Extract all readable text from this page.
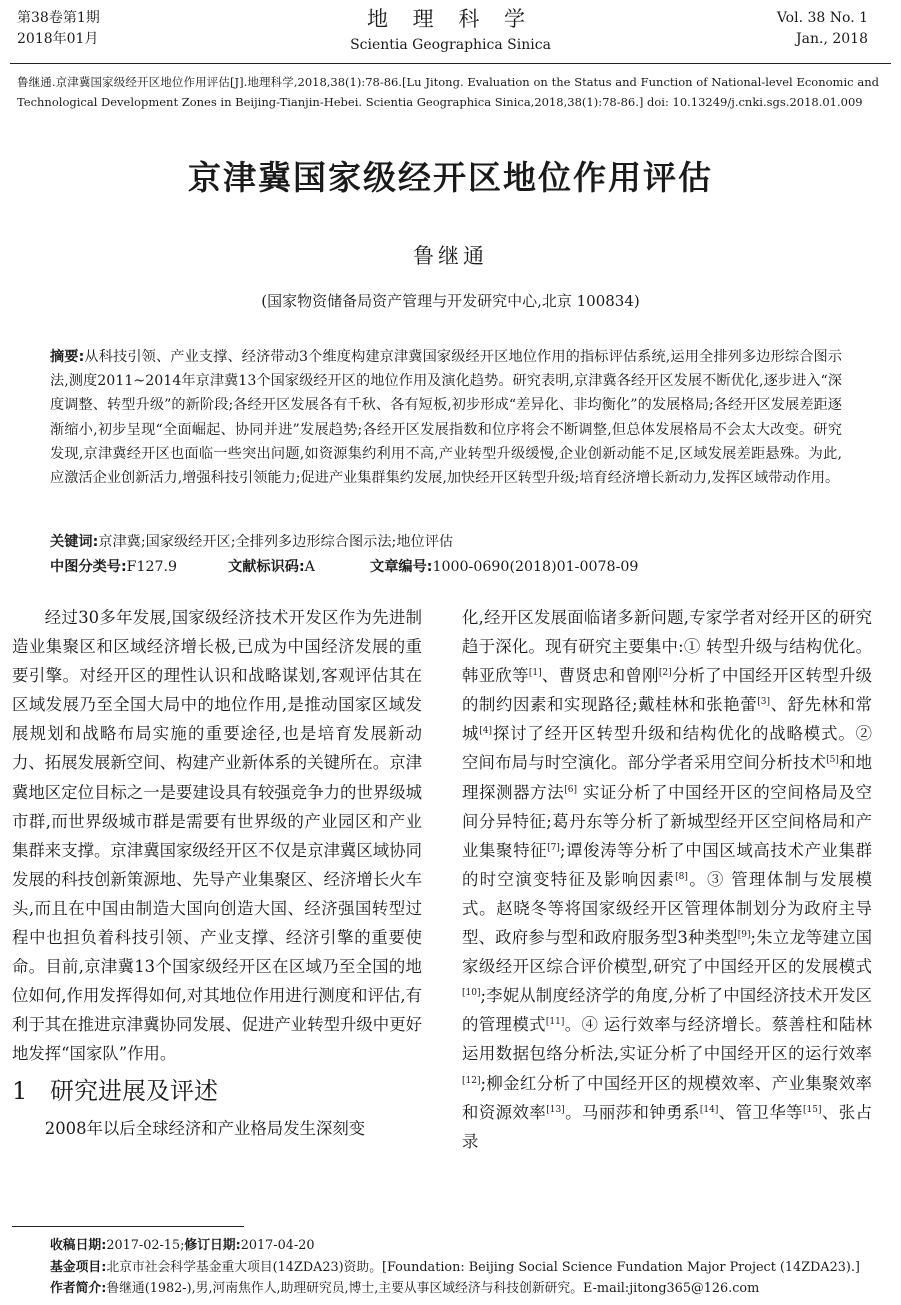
第38卷第1期
2018年01月
地 理 科 学
Scientia Geographica Sinica
Vol. 38 No. 1
Jan., 2018
鲁继通.京津冀国家级经开区地位作用评估[J].地理科学,2018,38(1):78-86.[Lu Jitong. Evaluation on the Status and Function of National-level Economic and Technological Development Zones in Beijing-Tianjin-Hebei. Scientia Geographica Sinica,2018,38(1):78-86.] doi: 10.13249/j.cnki.sgs.2018.01.009
京津冀国家级经开区地位作用评估
鲁继通
(国家物资储备局资产管理与开发研究中心,北京 100834)
摘要:从科技引领、产业支撑、经济带动3个维度构建京津冀国家级经开区地位作用的指标评估系统,运用全排列多边形综合图示法,测度2011~2014年京津冀13个国家级经开区的地位作用及演化趋势。研究表明,京津冀各经开区发展不断优化,逐步进入“深度调整、转型升级”的新阶段;各经开区发展各有千秋、各有短板,初步形成“差异化、非均衡化”的发展格局;各经开区发展差距逐渐缩小,初步呈现“全面崛起、协同并进”发展趋势;各经开区发展指数和位序将会不断调整,但总体发展格局不会太大改变。研究发现,京津冀经开区也面临一些突出问题,如资源集约利用不高,产业转型升级缓慢,企业创新动能不足,区域发展差距悬殊。为此,应激活企业创新活力,增强科技引领能力;促进产业集群集约发展,加快经开区转型升级;培育经济增长新动力,发挥区域带动作用。
关键词:京津冀;国家级经开区;全排列多边形综合图示法;地位评估
中图分类号:F127.9	文献标识码:A	文章编号:1000-0690(2018)01-0078-09

经过30多年发展,国家级经济技术开发区作为先进制造业集聚区和区域经济增长极,已成为中国经济发展的重要引擎。对经开区的理性认识和战略谋划,客观评估其在区域发展乃至全国大局中的地位作用,是推动国家区域发展规划和战略布局实施的重要途径,也是培育发展新动力、拓展发展新空间、构建产业新体系的关键所在。京津冀地区定位目标之一是要建设具有较强竞争力的世界级城市群,而世界级城市群是需要有世界级的产业园区和产业集群来支撑。京津冀国家级经开区不仅是京津冀区域协同发展的科技创新策源地、先导产业集聚区、经济增长火车头,而且在中国由制造大国向创造大国、经济强国转型过程中也担负着科技引领、产业支撑、经济引擎的重要使命。目前,京津冀13个国家级经开区在区域乃至全国的地位如何,作用发挥得如何,对其地位作用进行测度和评估,有利于其在推进京津冀协同发展、促进产业转型升级中更好地发挥“国家队”作用。

1 研究进展及评述

2008年以后全球经济和产业格局发生深刻变

化,经开区发展面临诸多新问题,专家学者对经开区的研究趋于深化。现有研究主要集中:① 转型升级与结构优化。韩亚欣等[1]、曹贤忠和曾刚[2]分析了中国经开区转型升级的制约因素和实现路径;戴桂林和张艳蕾[3]、舒先林和常城[4]探讨了经开区转型升级和结构优化的战略模式。② 空间布局与时空演化。部分学者采用空间分析技术[5]和地理探测器方法[6] 实证分析了中国经开区的空间格局及空间分异特征;葛丹东等分析了新城型经开区空间格局和产业集聚特征[7];谭俊涛等分析了中国区域高技术产业集群的时空演变特征及影响因素[8]。③ 管理体制与发展模式。赵晓冬等将国家级经开区管理体制划分为政府主导型、政府参与型和政府服务型3种类型[9];朱立龙等建立国家级经开区综合评价模型,研究了中国经开区的发展模式[10];李妮从制度经济学的角度,分析了中国经济技术开发区的管理模式[11]。④ 运行效率与经济增长。蔡善柱和陆林运用数据包络分析法,实证分析了中国经开区的运行效率[12];柳金红分析了中国经开区的规模效率、产业集聚效率和资源效率[13]。马丽莎和钟勇系[14]、管卫华等[15]、张占录

收稿日期:2017-02-15;修订日期:2017-04-20
基金项目:北京市社会科学基金重大项目(14ZDA23)资助。[Foundation: Beijing Social Science Fundation Major Project (14ZDA23).]
作者简介:鲁继通(1982-),男,河南焦作人,助理研究员,博士,主要从事区域经济与科技创新研究。E-mail:jitong365@126.com
